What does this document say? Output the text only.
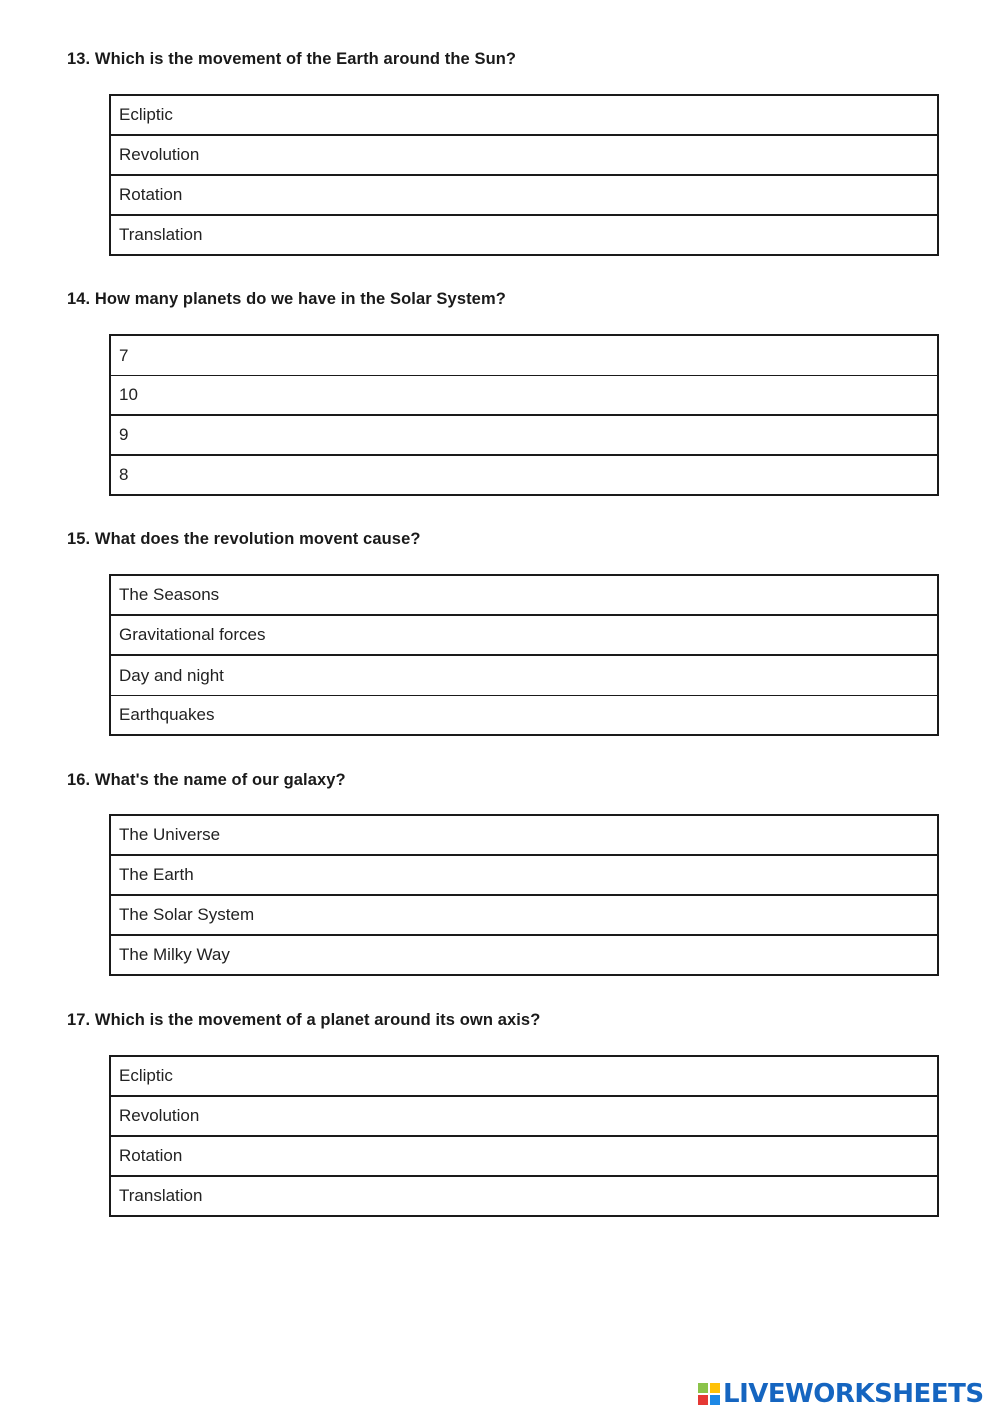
13. Which is the movement of the Earth around the Sun?
Ecliptic
Revolution
Rotation
Translation
14. How many planets do we have in the Solar System?
7
10
9
8
15. What does the revolution movent cause?
The Seasons
Gravitational forces
Day and night
Earthquakes
16. What's the name of our galaxy?
The Universe
The Earth
The Solar System
The Milky Way
17. Which is the movement of a planet around its own axis?
Ecliptic
Revolution
Rotation
Translation
LIVEWORKSHEETS
